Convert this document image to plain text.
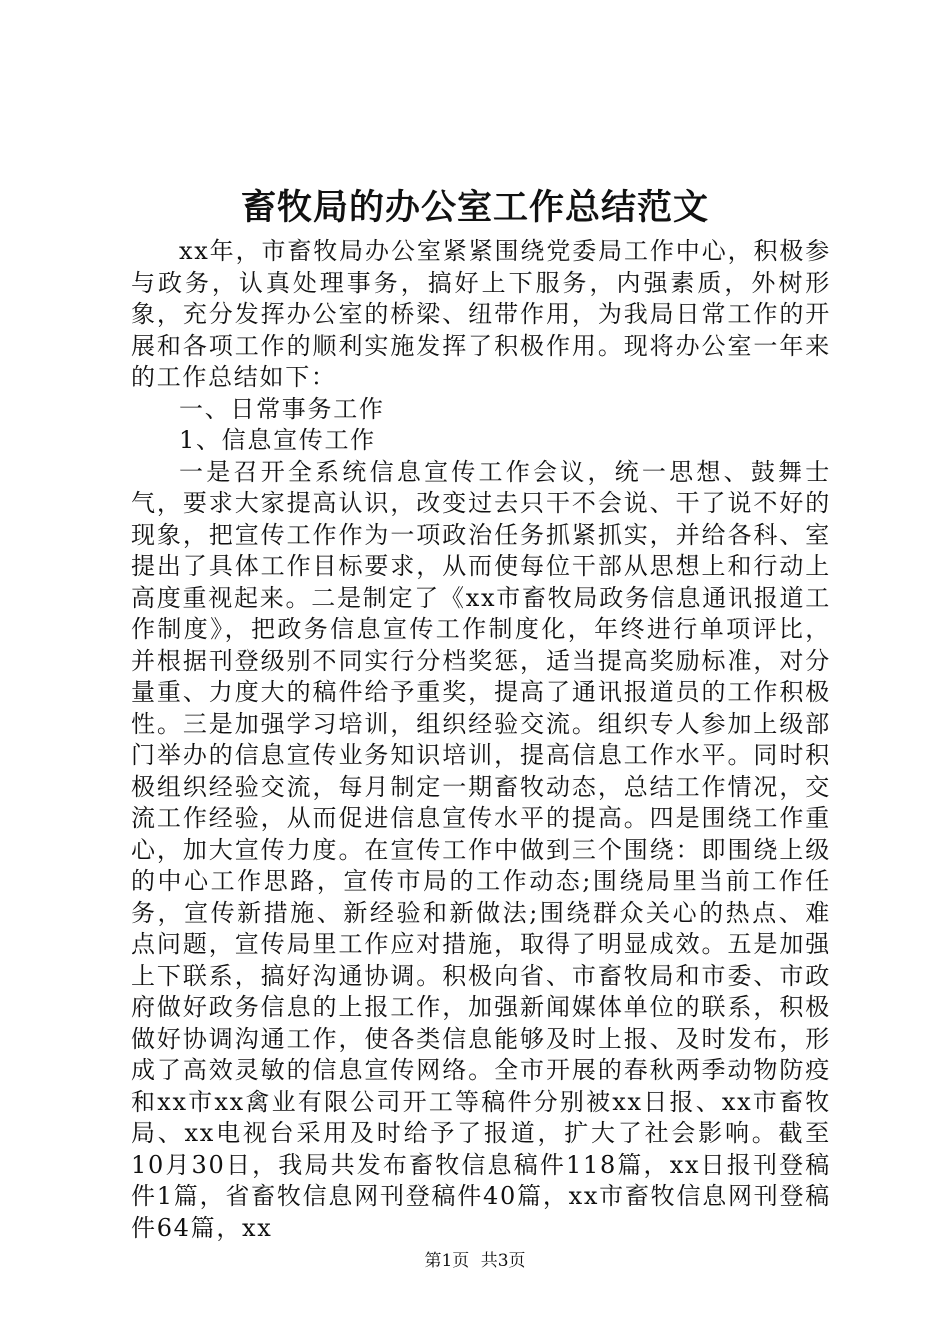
畜牧局的办公室工作总结范文

xx年，市畜牧局办公室紧紧围绕党委局工作中心，积极参与政务，认真处理事务，搞好上下服务，内强素质，外树形象，充分发挥办公室的桥梁、纽带作用，为我局日常工作的开展和各项工作的顺利实施发挥了积极作用。现将办公室一年来的工作总结如下：

一、日常事务工作

1、信息宣传工作

一是召开全系统信息宣传工作会议，统一思想、鼓舞士气，要求大家提高认识，改变过去只干不会说、干了说不好的现象，把宣传工作作为一项政治任务抓紧抓实，并给各科、室提出了具体工作目标要求，从而使每位干部从思想上和行动上高度重视起来。二是制定了《xx市畜牧局政务信息通讯报道工作制度》，把政务信息宣传工作制度化，年终进行单项评比，并根据刊登级别不同实行分档奖惩，适当提高奖励标准，对分量重、力度大的稿件给予重奖，提高了通讯报道员的工作积极性。三是加强学习培训，组织经验交流。组织专人参加上级部门举办的信息宣传业务知识培训，提高信息工作水平。同时积极组织经验交流，每月制定一期畜牧动态，总结工作情况，交流工作经验，从而促进信息宣传水平的提高。四是围绕工作重心，加大宣传力度。在宣传工作中做到三个围绕：即围绕上级的中心工作思路，宣传市局的工作动态;围绕局里当前工作任务，宣传新措施、新经验和新做法;围绕群众关心的热点、难点问题，宣传局里工作应对措施，取得了明显成效。五是加强上下联系，搞好沟通协调。积极向省、市畜牧局和市委、市政府做好政务信息的上报工作，加强新闻媒体单位的联系，积极做好协调沟通工作，使各类信息能够及时上报、及时发布，形成了高效灵敏的信息宣传网络。全市开展的春秋两季动物防疫和xx市xx禽业有限公司开工等稿件分别被xx日报、xx市畜牧局、xx电视台采用及时给予了报道，扩大了社会影响。截至10月30日，我局共发布畜牧信息稿件118篇，xx日报刊登稿件1篇，省畜牧信息网刊登稿件40篇，xx市畜牧信息网刊登稿件64篇，xx

第1页 共3页
